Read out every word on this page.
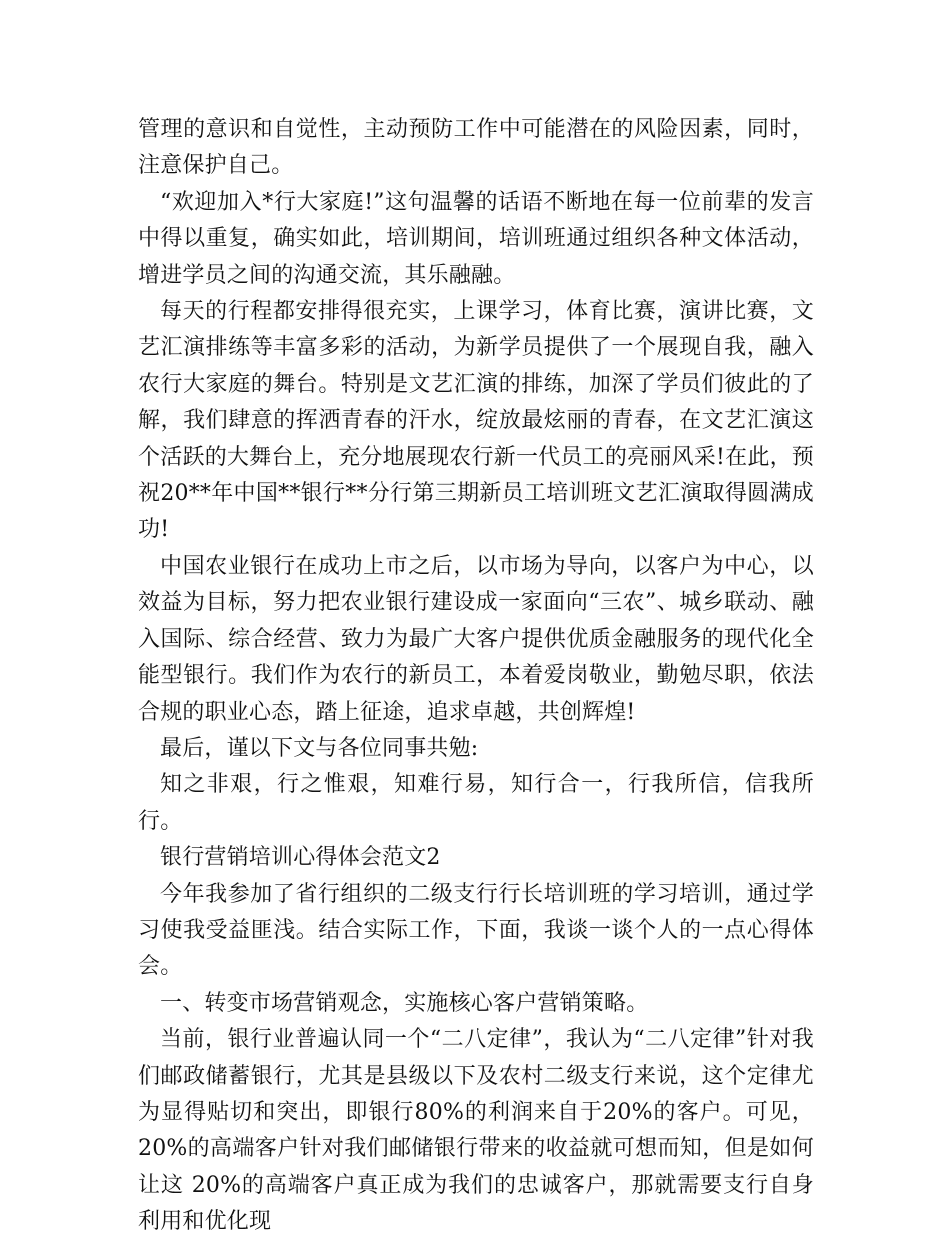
管理的意识和自觉性，主动预防工作中可能潜在的风险因素，同时，注意保护自己。

“欢迎加入*行大家庭!”这句温馨的话语不断地在每一位前辈的发言中得以重复，确实如此，培训期间，培训班通过组织各种文体活动，增进学员之间的沟通交流，其乐融融。

每天的行程都安排得很充实，上课学习，体育比赛，演讲比赛，文艺汇演排练等丰富多彩的活动，为新学员提供了一个展现自我，融入农行大家庭的舞台。特别是文艺汇演的排练，加深了学员们彼此的了解，我们肆意的挥洒青春的汗水，绽放最炫丽的青春，在文艺汇演这个活跃的大舞台上，充分地展现农行新一代员工的亮丽风采!在此，预祝20**年中国**银行**分行第三期新员工培训班文艺汇演取得圆满成功!

中国农业银行在成功上市之后，以市场为导向，以客户为中心，以效益为目标，努力把农业银行建设成一家面向“三农”、城乡联动、融入国际、综合经营、致力为最广大客户提供优质金融服务的现代化全能型银行。我们作为农行的新员工，本着爱岗敬业，勤勉尽职，依法合规的职业心态，踏上征途，追求卓越，共创辉煌!

最后，谨以下文与各位同事共勉:

知之非艰，行之惟艰，知难行易，知行合一，行我所信，信我所行。

银行营销培训心得体会范文2

今年我参加了省行组织的二级支行行长培训班的学习培训，通过学习使我受益匪浅。结合实际工作，下面，我谈一谈个人的一点心得体会。

一、转变市场营销观念，实施核心客户营销策略。

当前，银行业普遍认同一个“二八定律”，我认为“二八定律”针对我们邮政储蓄银行，尤其是县级以下及农村二级支行来说，这个定律尤为显得贴切和突出，即银行80%的利润来自于20%的客户。可见，20%的高端客户针对我们邮储银行带来的收益就可想而知，但是如何让这 20%的高端客户真正成为我们的忠诚客户，那就需要支行自身利用和优化现
